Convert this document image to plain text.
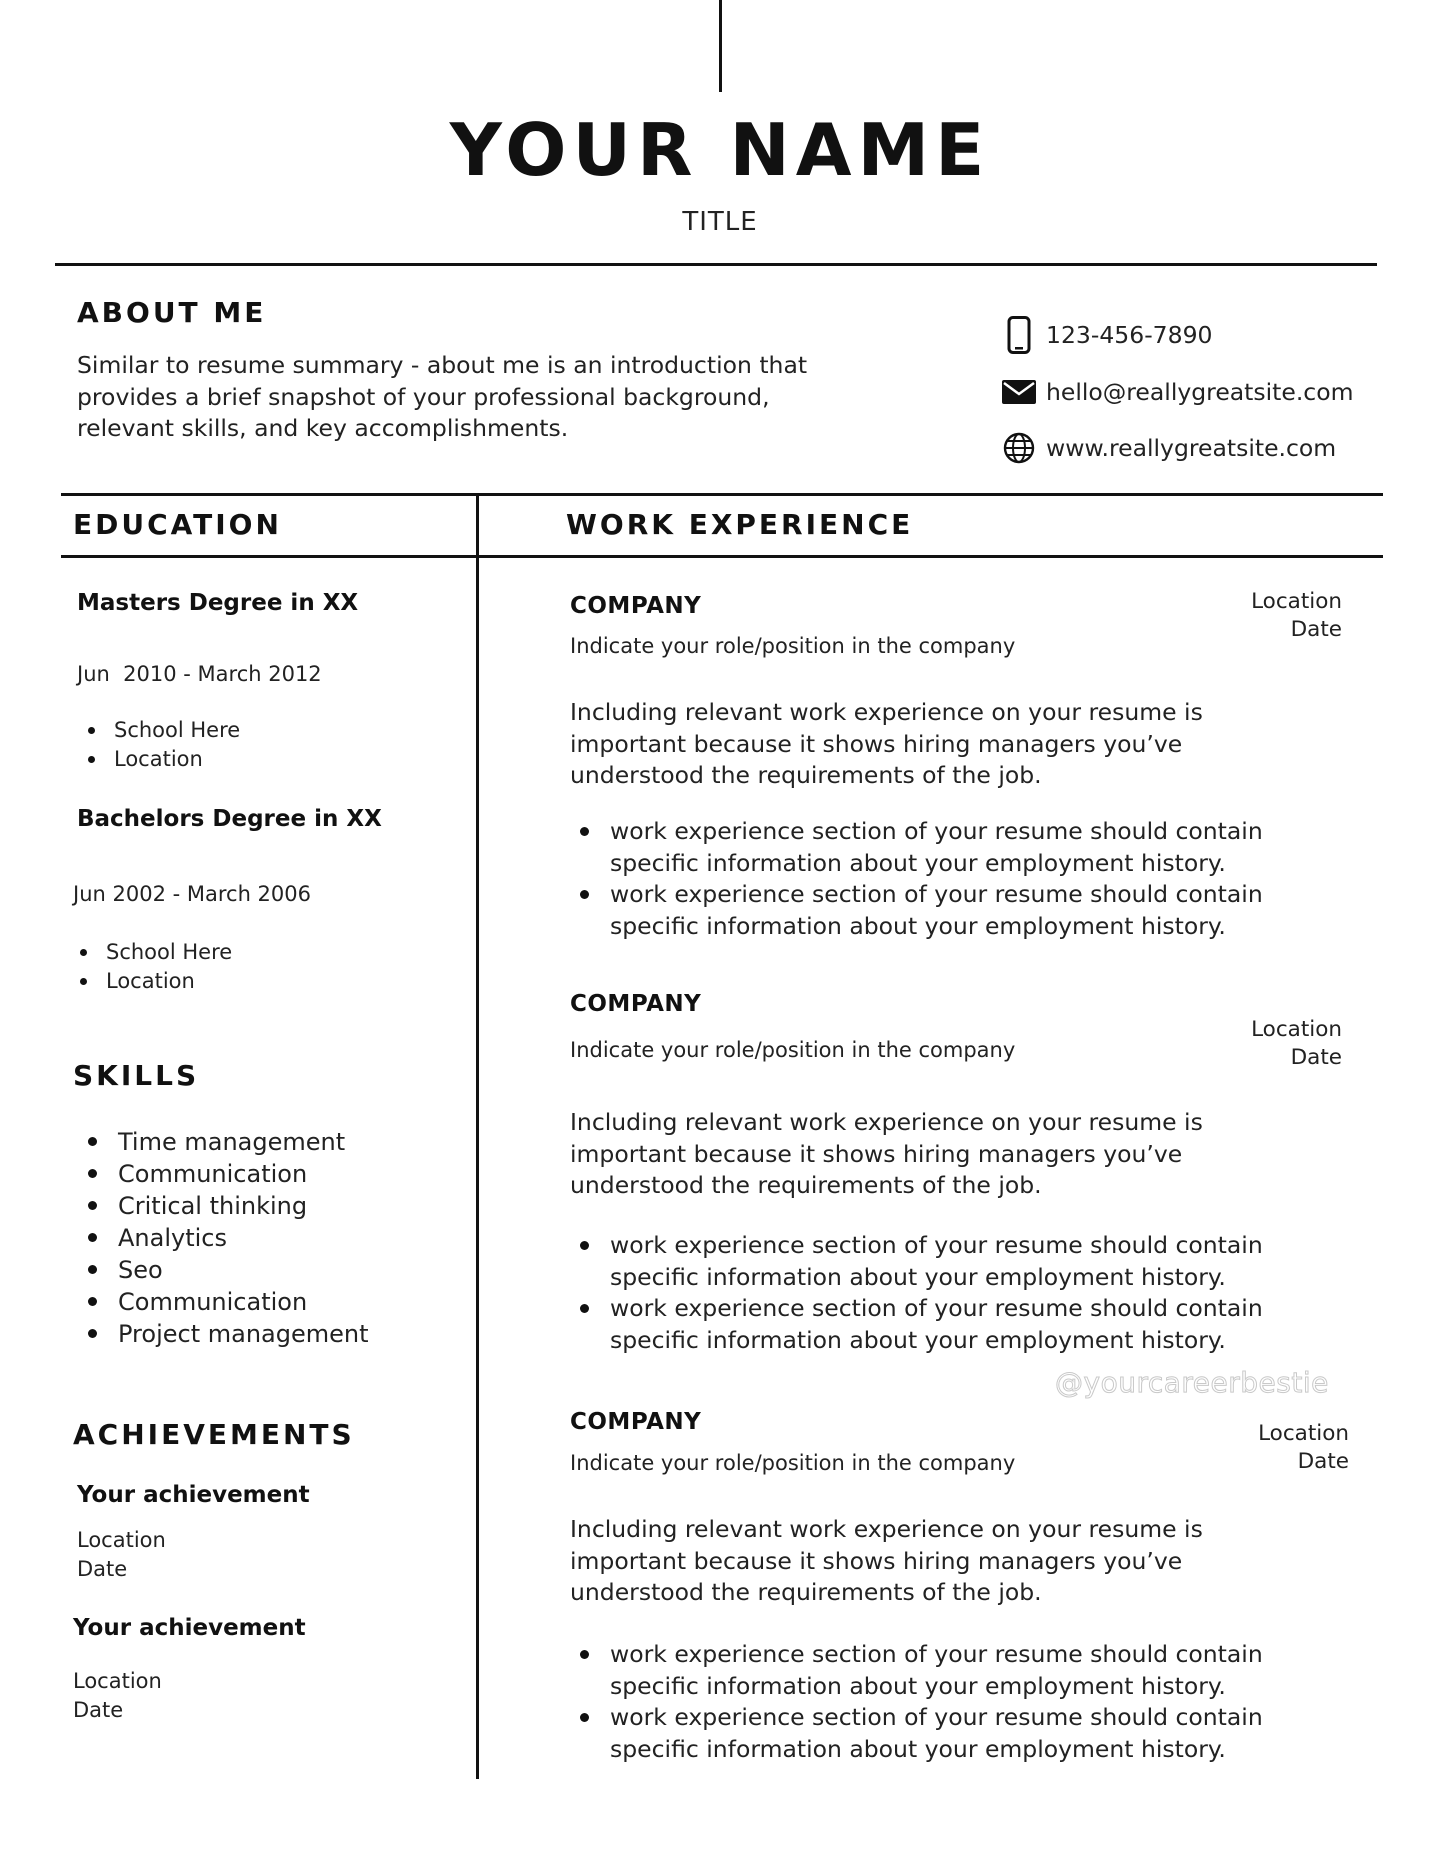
YOUR NAME
TITLE
ABOUT ME
Similar to resume summary - about me is an introduction that provides a brief snapshot of your professional background, relevant skills, and key accomplishments.
123-456-7890
hello@reallygreatsite.com
www.reallygreatsite.com
EDUCATION
Masters Degree in XX
Jun  2010 - March 2012
School Here
Location
Bachelors Degree in XX
Jun 2002 - March 2006
School Here
Location
SKILLS
Time management
Communication
Critical thinking
Analytics
Seo
Communication
Project management
ACHIEVEMENTS
Your achievement
Location
Date
Your achievement
Location
Date
WORK EXPERIENCE
COMPANY
Indicate your role/position in the company
Location
Date
Including relevant work experience on your resume is important because it shows hiring managers you’ve understood the requirements of the job.
work experience section of your resume should contain specific information about your employment history.
work experience section of your resume should contain specific information about your employment history.
COMPANY
Indicate your role/position in the company
Location
Date
Including relevant work experience on your resume is important because it shows hiring managers you’ve understood the requirements of the job.
work experience section of your resume should contain specific information about your employment history.
work experience section of your resume should contain specific information about your employment history.
COMPANY
Indicate your role/position in the company
Location
Date
Including relevant work experience on your resume is important because it shows hiring managers you’ve understood the requirements of the job.
work experience section of your resume should contain specific information about your employment history.
work experience section of your resume should contain specific information about your employment history.
@yourcareerbestie
